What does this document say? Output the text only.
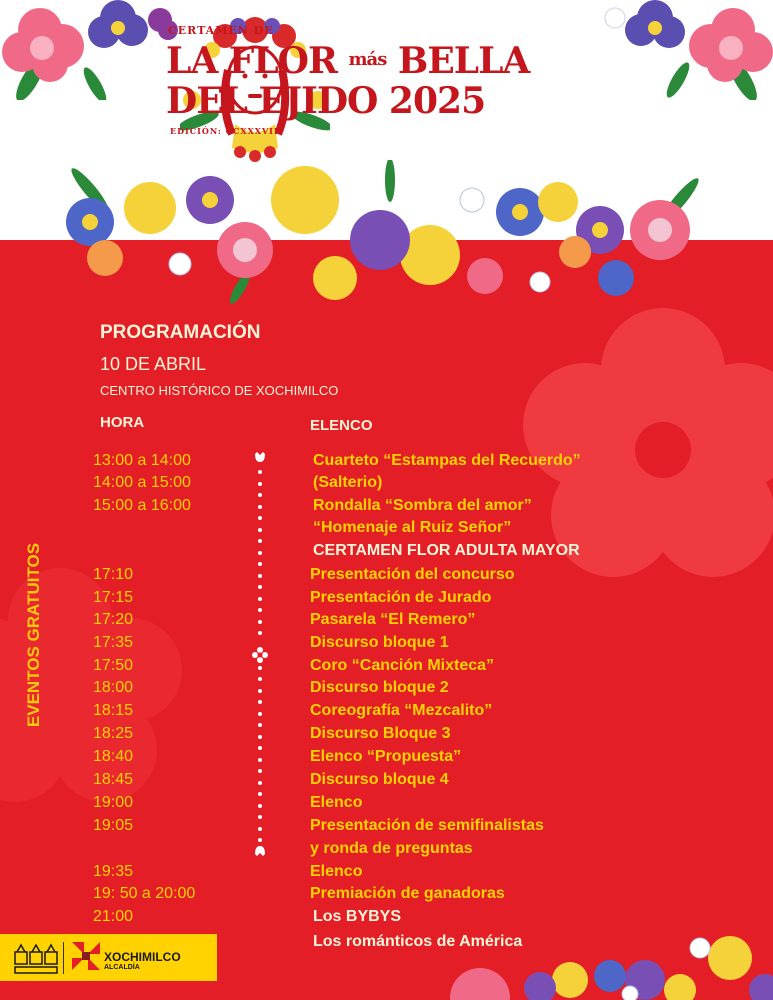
CERTAMEN DE
LA FLOR $^{más}$ BELLA
DEL EJIDO 2025
EDICIÓN: CCXXXVIII
PROGRAMACIÓN
10 DE ABRIL
CENTRO HISTÓRICO DE XOCHIMILCO
HORA	ELENCO
EVENTOS GRATUITOS
13:00 a 14:00	Cuarteto “Estampas del Recuerdo”
14:00 a 15:00	(Salterio)
15:00 a 16:00	Rondalla “Sombra del amor”
“Homenaje al Ruiz Señor”
CERTAMEN FLOR ADULTA MAYOR
17:10	Presentación del concurso
17:15	Presentación de Jurado
17:20	Pasarela “El Remero”
17:35	Discurso bloque 1
17:50	Coro “Canción Mixteca”
18:00	Discurso bloque 2
18:15	Coreografía “Mezcalito”
18:25	Discurso Bloque 3
18:40	Elenco “Propuesta”
18:45	Discurso bloque 4
19:00	Elenco
19:05	Presentación de semifinalistas
y ronda de preguntas
19:35	Elenco
19: 50 a 20:00	Premiación de ganadoras
21:00	Los BYBYS
Los románticos de América
XOCHIMILCO
ALCALDÍA
